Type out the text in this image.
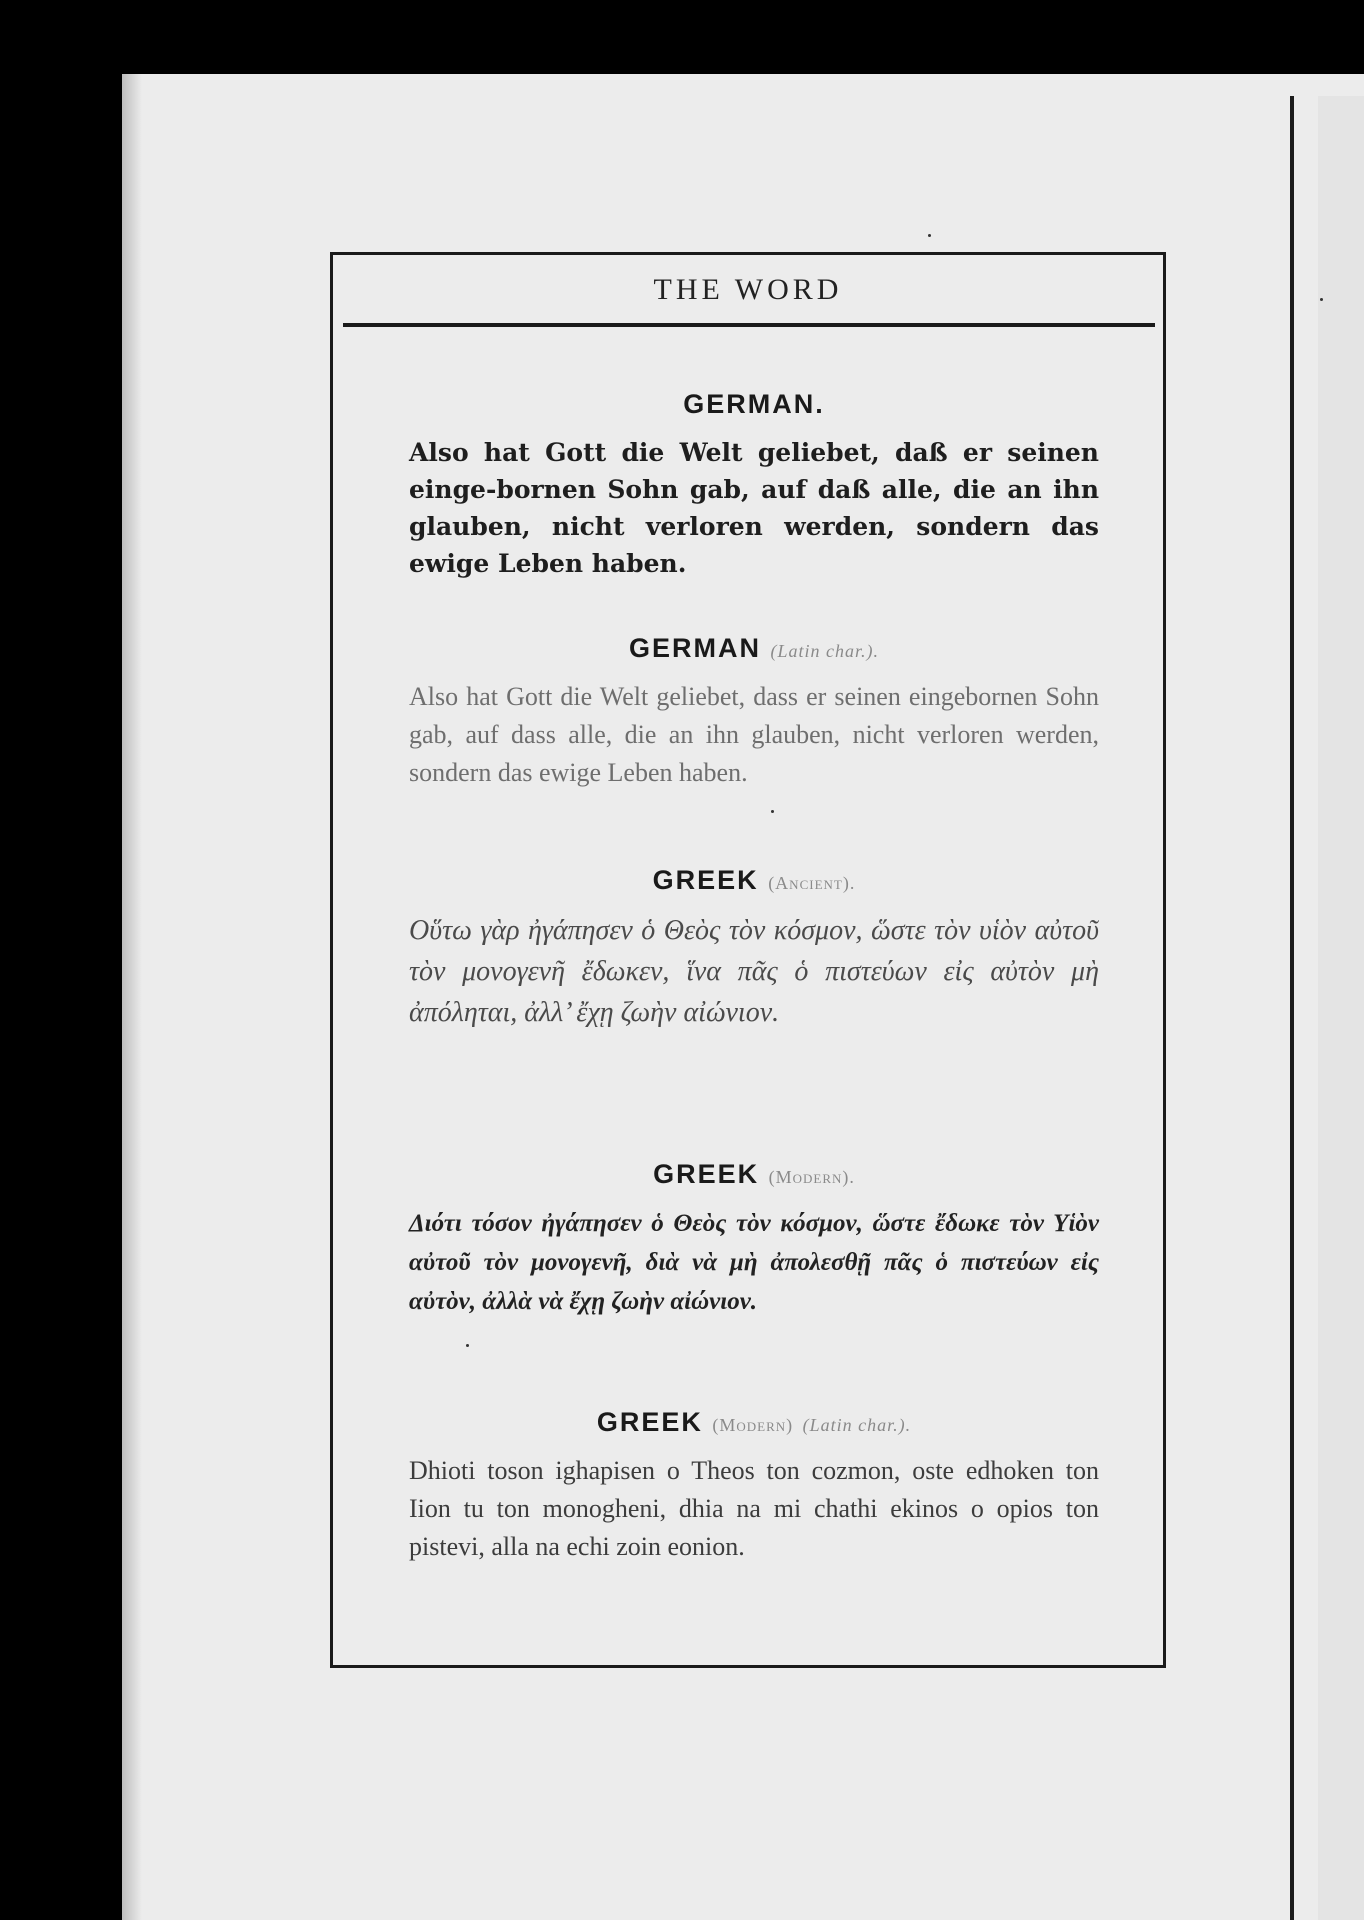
THE WORD
GERMAN.
Also hat Gott die Welt geliebet, daß er seinen einge-bornen Sohn gab, auf daß alle, die an ihn glauben, nicht verloren werden, sondern das ewige Leben haben.
GERMAN (Latin char.).
Also hat Gott die Welt geliebet, dass er seinen eingebornen Sohn gab, auf dass alle, die an ihn glauben, nicht verloren werden, sondern das ewige Leben haben.
GREEK (Ancient).
Οὕτω γὰρ ἠγάπησεν ὁ Θεὸς τὸν κόσμον, ὥστε τὸν υἱὸν αὐτοῦ τὸν μονογενῆ ἔδωκεν, ἵνα πᾶς ὁ πιστεύων εἰς αὐτὸν μὴ ἀπόληται, ἀλλ’ ἔχῃ ζωὴν αἰώνιον.
GREEK (Modern).
Διότι τόσον ἠγάπησεν ὁ Θεὸς τὸν κόσμον, ὥστε ἔδωκε τὸν Υἱὸν αὐτοῦ τὸν μονογενῆ, διὰ νὰ μὴ ἀπολεσθῇ πᾶς ὁ πιστεύων εἰς αὐτὸν, ἀλλὰ νὰ ἔχῃ ζωὴν αἰώνιον.
GREEK (Modern) (Latin char.).
Dhioti toson ighapisen o Theos ton cozmon, oste edhoken ton Iion tu ton monogheni, dhia na mi chathi ekinos o opios ton pistevi, alla na echi zoin eonion.
